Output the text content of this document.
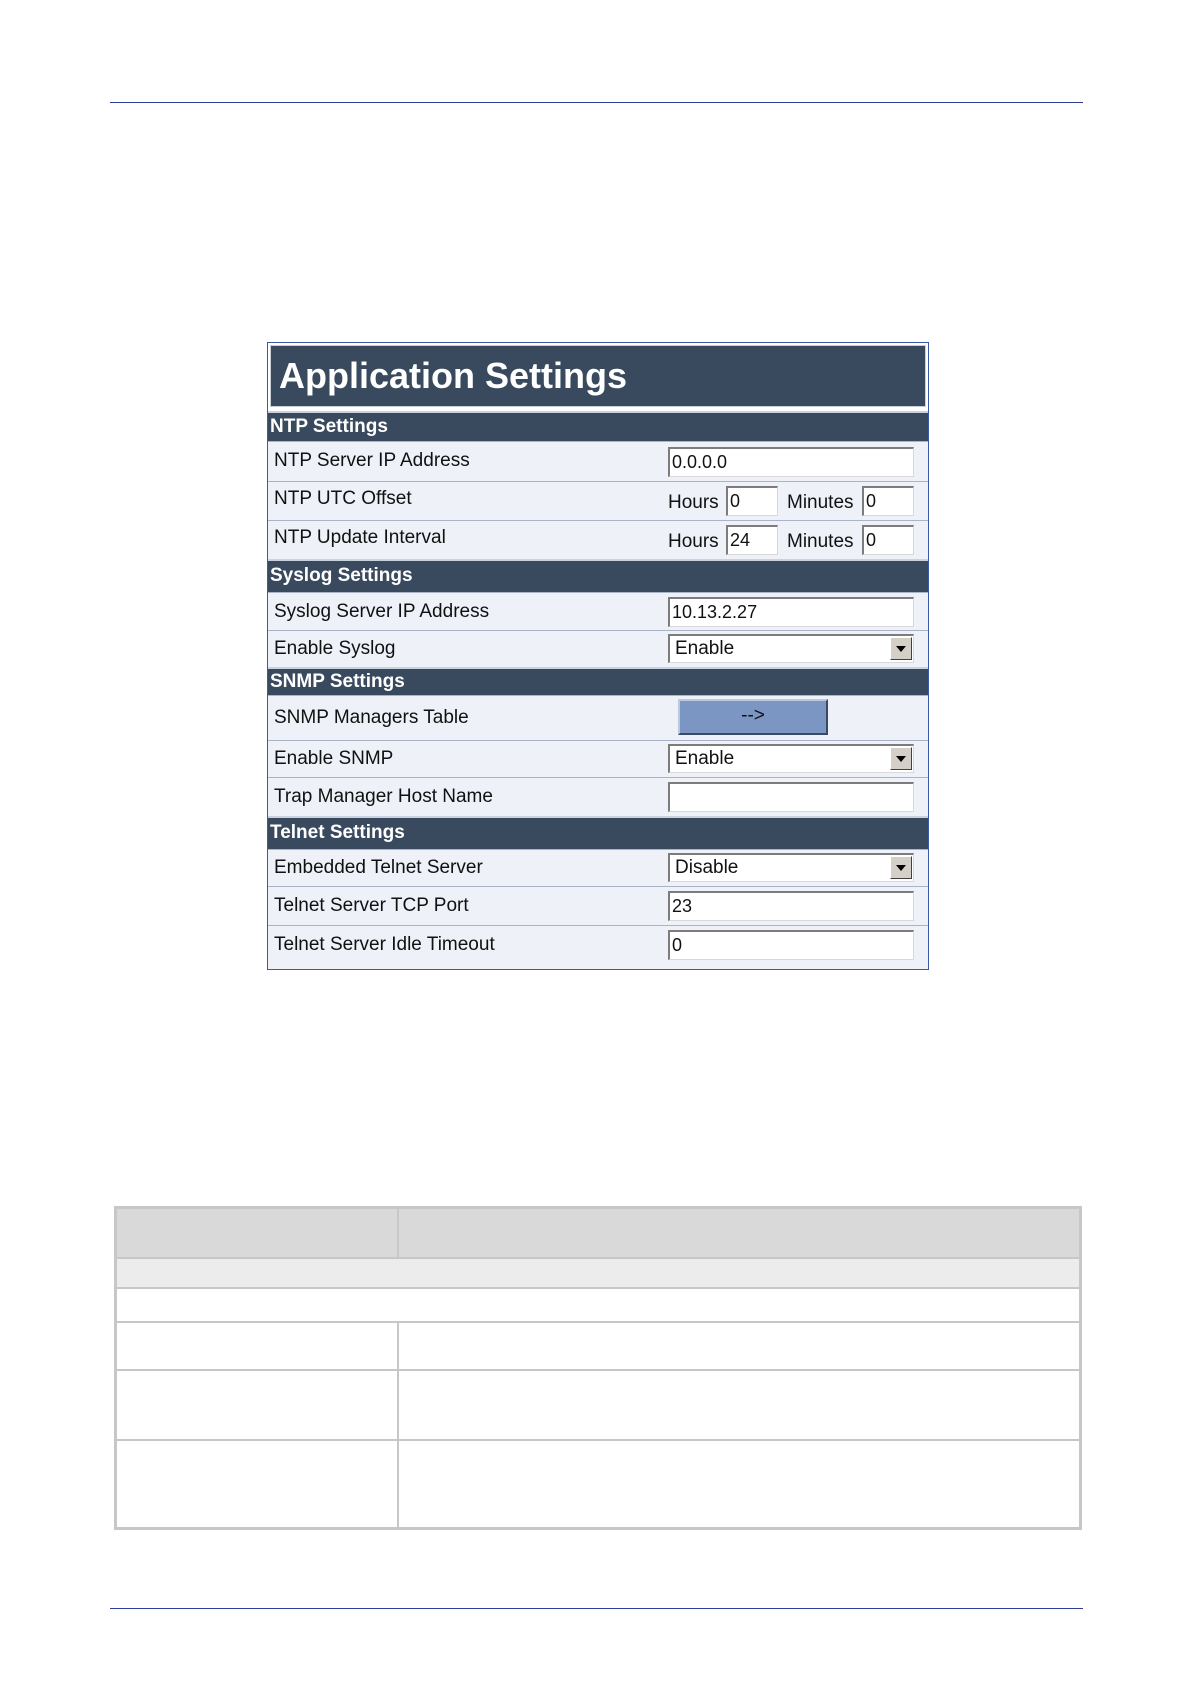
Application Settings
NTP Settings
NTP Server IP Address	0.0.0.0
NTP UTC Offset	Hours 0	Minutes 0
NTP Update Interval	Hours 24	Minutes 0
Syslog Settings
Syslog Server IP Address	10.13.2.27
Enable Syslog	Enable
SNMP Settings
SNMP Managers Table	-->
Enable SNMP	Enable
Trap Manager Host Name
Telnet Settings
Embedded Telnet Server	Disable
Telnet Server TCP Port	23
Telnet Server Idle Timeout	0
